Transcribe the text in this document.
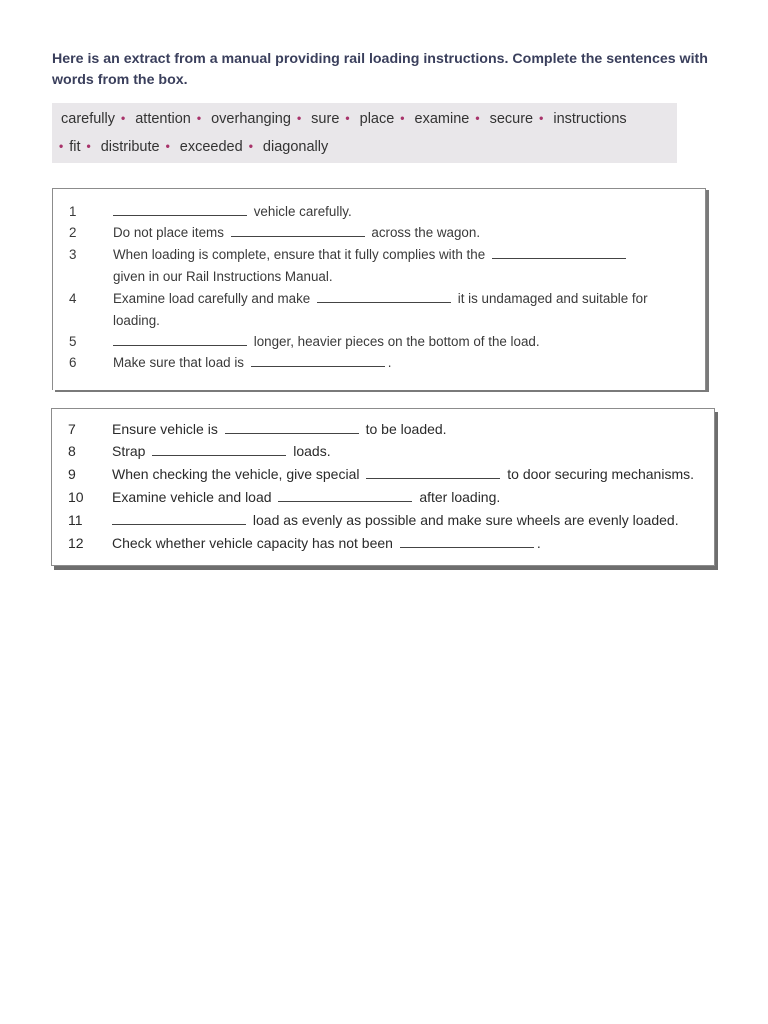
Here is an extract from a manual providing rail loading instructions. Complete the sentences with
words from the box.
carefully • attention • overhanging • sure • place • examine • secure • instructions
• fit • distribute • exceeded • diagonally
1	vehicle carefully.
2	Do not place items	across the wagon.
3	When loading is complete, ensure that it fully complies with the
given in our Rail Instructions Manual.
4	Examine load carefully and make	it is undamaged and suitable for
loading.
5	longer, heavier pieces on the bottom of the load.
6	Make sure that load is	.
7	Ensure vehicle is	to be loaded.
8	Strap	loads.
9	When checking the vehicle, give special	to door securing mechanisms.
10	Examine vehicle and load	after loading.
11	load as evenly as possible and make sure wheels are evenly loaded.
12	Check whether vehicle capacity has not been	.
